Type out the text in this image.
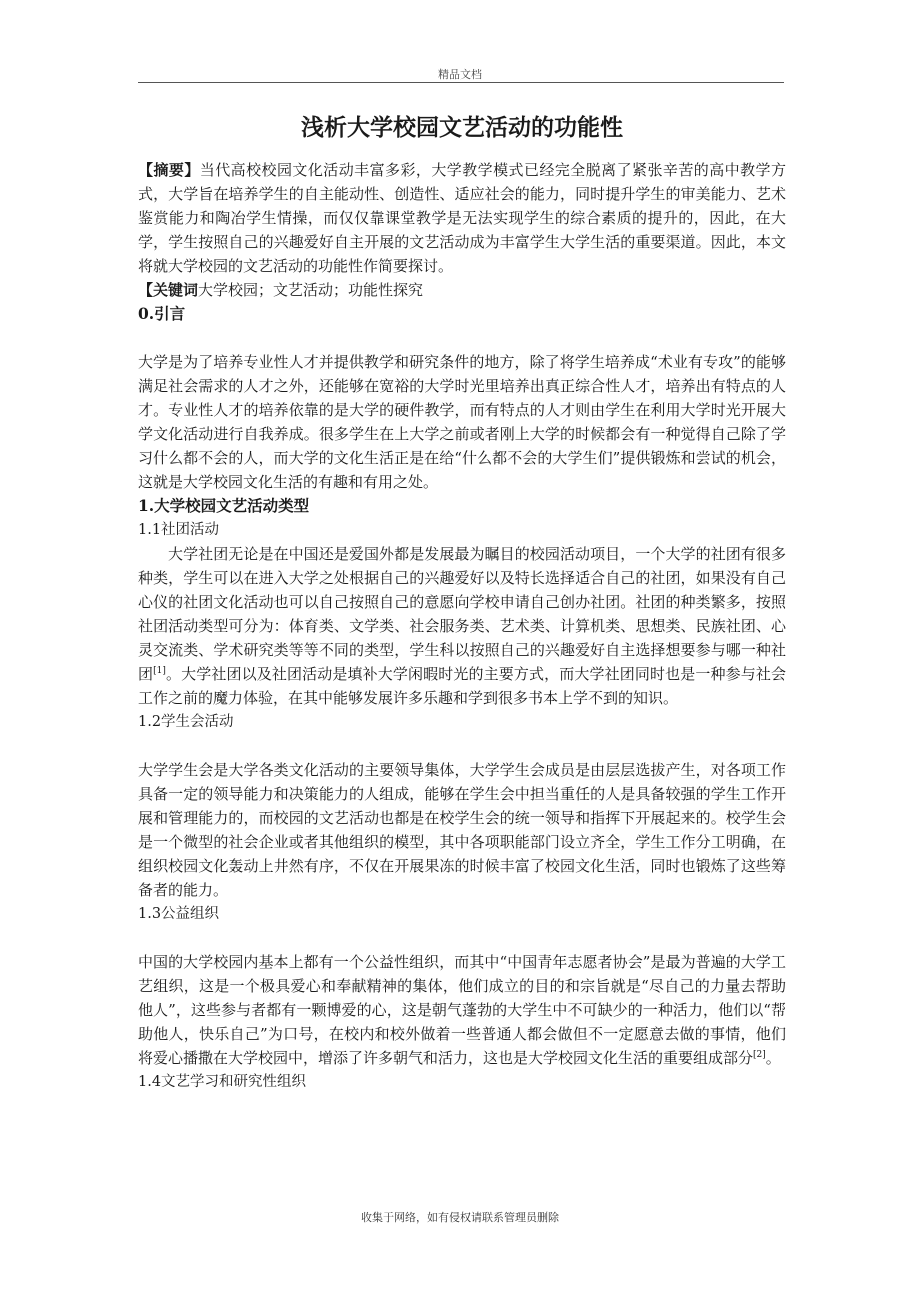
精品文档
浅析大学校园文艺活动的功能性

【摘要】当代高校校园文化活动丰富多彩，大学教学模式已经完全脱离了紧张辛苦的高中教学方式，大学旨在培养学生的自主能动性、创造性、适应社会的能力，同时提升学生的审美能力、艺术鉴赏能力和陶冶学生情操，而仅仅靠课堂教学是无法实现学生的综合素质的提升的，因此，在大学，学生按照自己的兴趣爱好自主开展的文艺活动成为丰富学生大学生活的重要渠道。因此，本文将就大学校园的文艺活动的功能性作简要探讨。

【关键词大学校园；文艺活动；功能性探究

0.引言

大学是为了培养专业性人才并提供教学和研究条件的地方，除了将学生培养成“术业有专攻”的能够满足社会需求的人才之外，还能够在宽裕的大学时光里培养出真正综合性人才，培养出有特点的人才。专业性人才的培养依靠的是大学的硬件教学，而有特点的人才则由学生在利用大学时光开展大学文化活动进行自我养成。很多学生在上大学之前或者刚上大学的时候都会有一种觉得自己除了学习什么都不会的人，而大学的文化生活正是在给“什么都不会的大学生们”提供锻炼和尝试的机会，这就是大学校园文化生活的有趣和有用之处。

1.大学校园文艺活动类型

1.1社团活动

大学社团无论是在中国还是爱国外都是发展最为瞩目的校园活动项目，一个大学的社团有很多种类，学生可以在进入大学之处根据自己的兴趣爱好以及特长选择适合自己的社团，如果没有自己心仪的社团文化活动也可以自己按照自己的意愿向学校申请自己创办社团。社团的种类繁多，按照社团活动类型可分为：体育类、文学类、社会服务类、艺术类、计算机类、思想类、民族社团、心灵交流类、学术研究类等等不同的类型，学生科以按照自己的兴趣爱好自主选择想要参与哪一种社团[1]。大学社团以及社团活动是填补大学闲暇时光的主要方式，而大学社团同时也是一种参与社会工作之前的魔力体验，在其中能够发展许多乐趣和学到很多书本上学不到的知识。

1.2学生会活动

大学学生会是大学各类文化活动的主要领导集体，大学学生会成员是由层层选拔产生，对各项工作具备一定的领导能力和决策能力的人组成，能够在学生会中担当重任的人是具备较强的学生工作开展和管理能力的，而校园的文艺活动也都是在校学生会的统一领导和指挥下开展起来的。校学生会是一个微型的社会企业或者其他组织的模型，其中各项职能部门设立齐全，学生工作分工明确，在组织校园文化轰动上井然有序，不仅在开展果冻的时候丰富了校园文化生活，同时也锻炼了这些筹备者的能力。

1.3公益组织

中国的大学校园内基本上都有一个公益性组织，而其中“中国青年志愿者协会”是最为普遍的大学工艺组织，这是一个极具爱心和奉献精神的集体，他们成立的目的和宗旨就是“尽自己的力量去帮助他人”，这些参与者都有一颗博爱的心，这是朝气蓬勃的大学生中不可缺少的一种活力，他们以“帮助他人，快乐自己”为口号，在校内和校外做着一些普通人都会做但不一定愿意去做的事情，他们将爱心播撒在大学校园中，增添了许多朝气和活力，这也是大学校园文化生活的重要组成部分[2]。

1.4文艺学习和研究性组织

收集于网络，如有侵权请联系管理员删除
